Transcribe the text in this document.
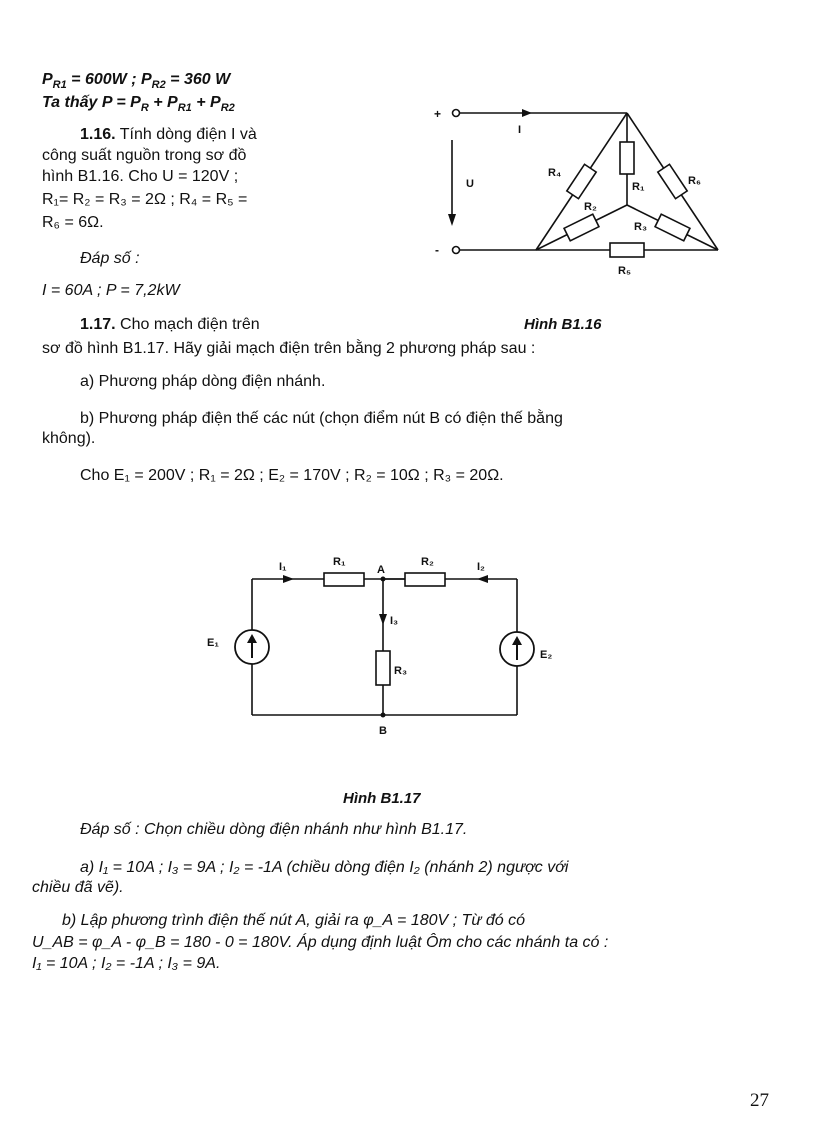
$P_{R1} = 600W$ ; $P_{R2} = 360$ W
Ta thấy $P = P_R + P_{R1} + P_{R2}$
1.16. Tính dòng điện I và
công suất nguồn trong sơ đồ
hình B1.16. Cho U = 120V ;
R₁= R₂ = R₃ = 2Ω ; R₄ = R₅ =
R₆ = 6Ω.
Đáp số :
I = 60A ; P = 7,2kW
1.17. Cho mạch điện trên
+
I
U
-
R₄
R₁	R₆
R₂
R₃
R₅
Hình B1.16
sơ đồ hình B1.17. Hãy giải mạch điện trên bằng 2 phương pháp sau :
a) Phương pháp dòng điện nhánh.
b) Phương pháp điện thế các nút (chọn điểm nút B có điện thế bằng
không).
Cho E₁ = 200V ; R₁ = 2Ω ; E₂ = 170V ; R₂ = 10Ω ; R₃ = 20Ω.
I₁	R₁
A
R₂	I₂
I₃
R₃
E₁
E₂
B
Hình B1.17
Đáp số : Chọn chiều dòng điện nhánh như hình B1.17.
a) I₁ = 10A ; I₃ = 9A ; I₂ = -1A (chiều dòng điện I₂ (nhánh 2) ngược với
chiều đã vẽ).
b) Lập phương trình điện thế nút A, giải ra φ_A = 180V ; Từ đó có
U_AB = φ_A - φ_B = 180 - 0 = 180V. Áp dụng định luật Ôm cho các nhánh ta có :
I₁ = 10A ; I₂ = -1A ; I₃ = 9A.
27
